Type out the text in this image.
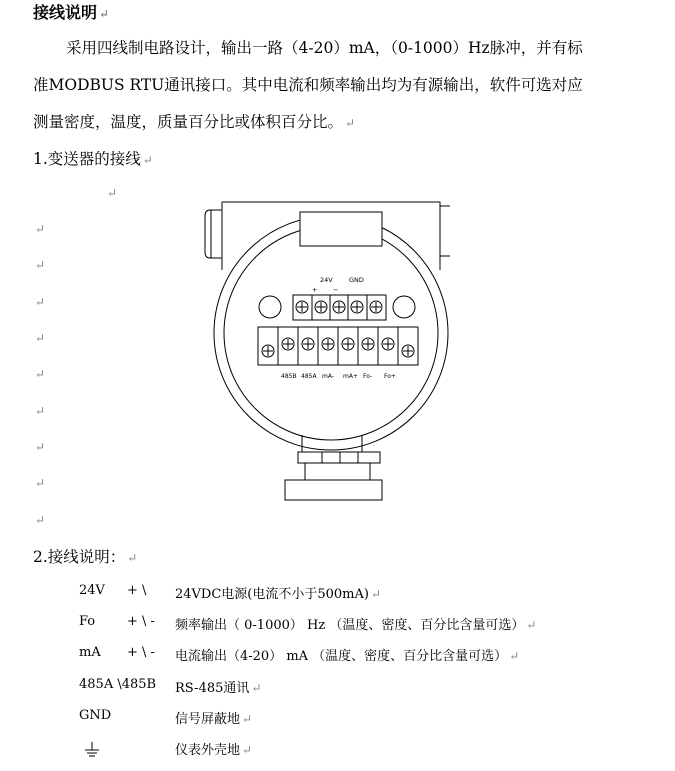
接线说明 ↵
采用四线制电路设计，输出一路（4-20）mA，（0-1000）Hz脉冲，并有标
准MODBUS RTU通讯接口。其中电流和频率输出均为有源输出，软件可选对应
测量密度，温度，质量百分比或体积百分比。 ↵
1.变送器的接线 ↵
↵
↵
↵
↵
↵
↵
↵
↵
↵
↵
24V	GND
+ −
485B 485A mA- mA+ Fo- Fo+
2.接线说明： ↵
24V + \ 24VDC电源(电流不小于500mA) ↵
Fo + \ - 频率输出（ 0-1000） Hz （温度、密度、百分比含量可选） ↵
mA + \ - 电流输出（4-20） mA （温度、密度、百分比含量可选） ↵
485A \485B RS-485通讯 ↵
GND	信号屏蔽地 ↵
仪表外壳地 ↵
